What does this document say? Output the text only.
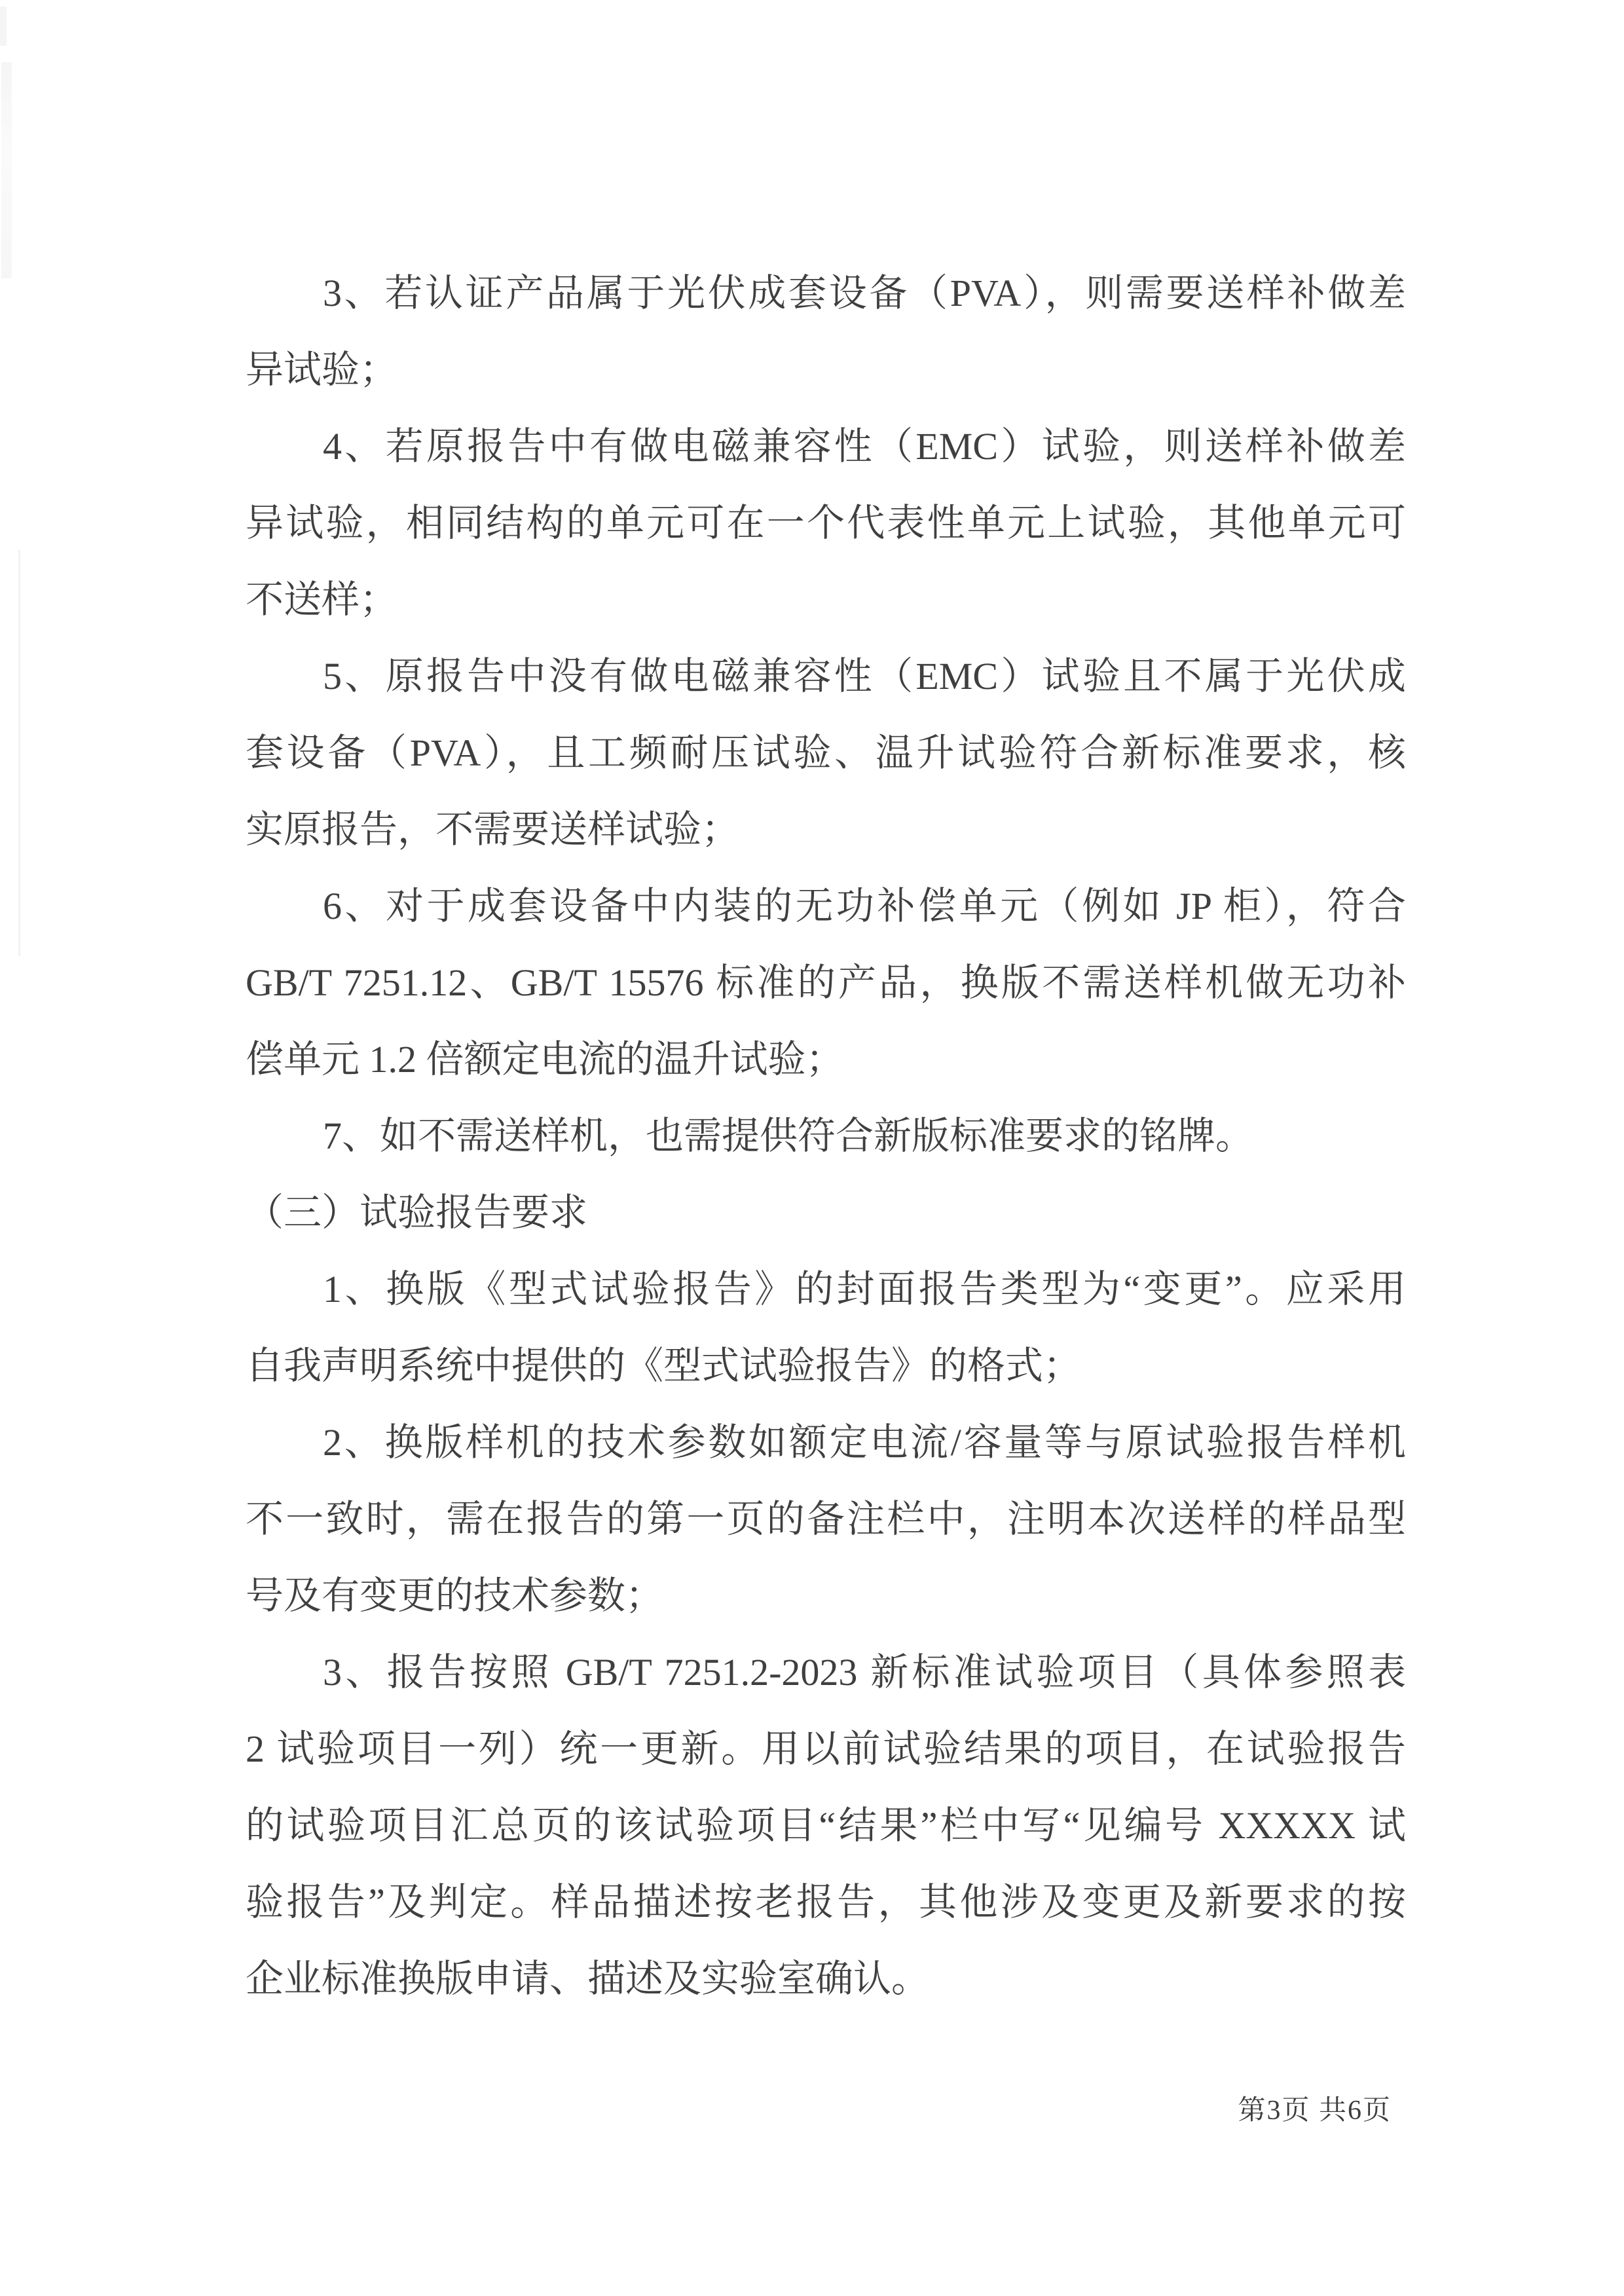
3、若认证产品属于光伏成套设备（PVA），则需要送样补做差
异试验；

4、若原报告中有做电磁兼容性（EMC）试验，则送样补做差
异试验，相同结构的单元可在一个代表性单元上试验，其他单元可
不送样；

5、原报告中没有做电磁兼容性（EMC）试验且不属于光伏成
套设备（PVA），且工频耐压试验、温升试验符合新标准要求，核
实原报告，不需要送样试验；

6、对于成套设备中内装的无功补偿单元（例如 JP 柜），符合
GB/T 7251.12、GB/T 15576 标准的产品，换版不需送样机做无功补
偿单元 1.2 倍额定电流的温升试验；

7、如不需送样机，也需提供符合新版标准要求的铭牌。

（三）试验报告要求

1、换版《型式试验报告》的封面报告类型为“变更”。应采用
自我声明系统中提供的《型式试验报告》的格式；

2、换版样机的技术参数如额定电流/容量等与原试验报告样机
不一致时，需在报告的第一页的备注栏中，注明本次送样的样品型
号及有变更的技术参数；

3、报告按照 GB/T 7251.2-2023 新标准试验项目（具体参照表
2 试验项目一列）统一更新。用以前试验结果的项目，在试验报告
的试验项目汇总页的该试验项目“结果”栏中写“见编号 XXXXX 试
验报告”及判定。样品描述按老报告，其他涉及变更及新要求的按
企业标准换版申请、描述及实验室确认。

第3页 共6页
